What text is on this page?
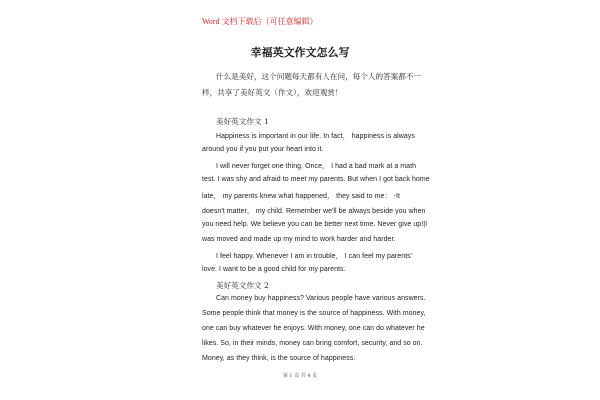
Word 文档下载后（可任意编辑）
幸福英文作文怎么写
什么是美好，这个问题每天都有人在问，每个人的答案都不一
样，共享了美好英文（作文），欢迎观赏！
美好英文作文 1
Happiness is important in our life. In fact， happiness is always
around you if you put your heart into it.
I will never forget one thing. Once， I had a bad mark at a math
test. I was shy and afraid to meet my parents. But when I got back home
late， my parents knew what happened， they said to me： -It
doesn't matter， my child. Remember we'll be always beside you when
you need help. We believe you can be better next time. Never give up!|I
was moved and made up my mind to work harder and harder.
I feel happy. Whenever I am in trouble， I can feel my parents'
love. I want to be a good child for my parents.
美好英文作文 2
Can money buy happiness? Various people have various answers.
Some people think that money is the source of happiness. With money,
one can buy whatever he enjoys. With money, one can do whatever he
likes. So, in their minds, money can bring comfort, security, and so on.
Money, as they think, is the source of happiness.
第 1 页 共 4 页
